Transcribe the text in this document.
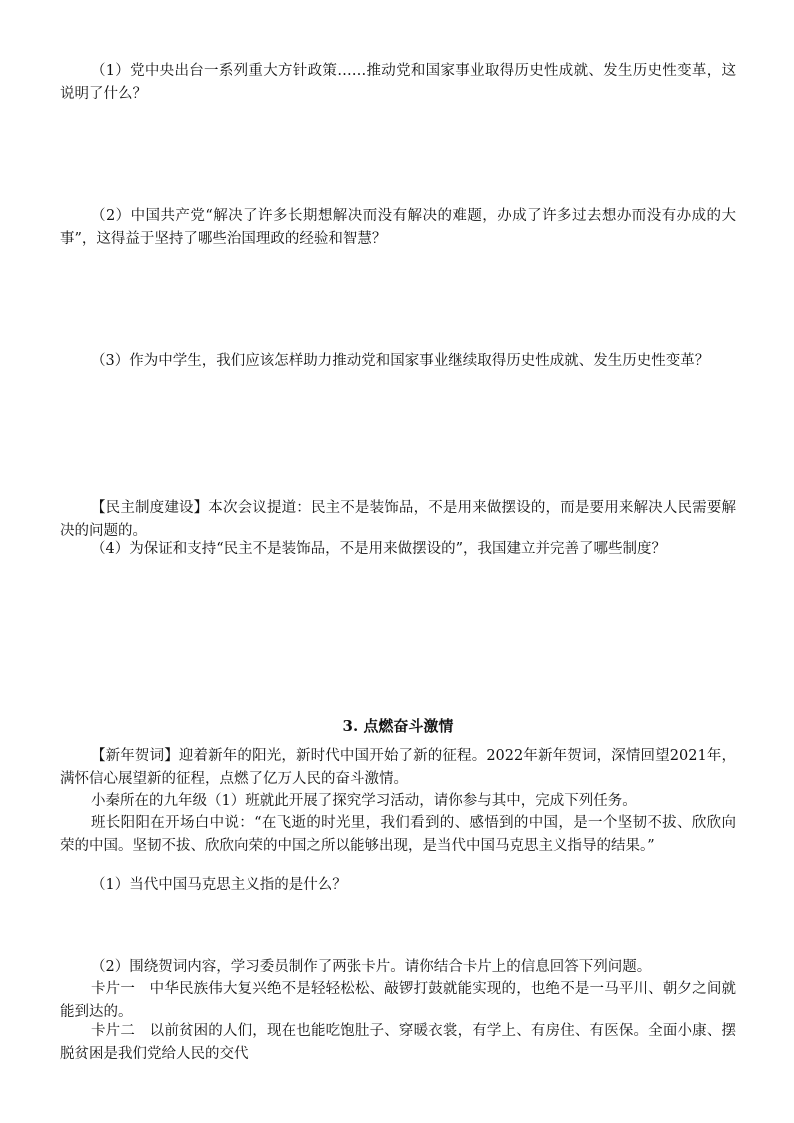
（1）党中央出台一系列重大方针政策……推动党和国家事业取得历史性成就、发生历史性变革，这说明了什么？

（2）中国共产党“解决了许多长期想解决而没有解决的难题，办成了许多过去想办而没有办成的大事”，这得益于坚持了哪些治国理政的经验和智慧？

（3）作为中学生，我们应该怎样助力推动党和国家事业继续取得历史性成就、发生历史性变革？

【民主制度建设】本次会议提道：民主不是装饰品，不是用来做摆设的，而是要用来解决人民需要解决的问题的。

（4）为保证和支持“民主不是装饰品，不是用来做摆设的”，我国建立并完善了哪些制度？

3. 点燃奋斗激情

【新年贺词】迎着新年的阳光，新时代中国开始了新的征程。2022年新年贺词，深情回望2021年，满怀信心展望新的征程，点燃了亿万人民的奋斗激情。

小秦所在的九年级（1）班就此开展了探究学习活动，请你参与其中，完成下列任务。

班长阳阳在开场白中说：“在飞逝的时光里，我们看到的、感悟到的中国，是一个坚韧不拔、欣欣向荣的中国。坚韧不拔、欣欣向荣的中国之所以能够出现，是当代中国马克思主义指导的结果。”

（1）当代中国马克思主义指的是什么？

（2）围绕贺词内容，学习委员制作了两张卡片。请你结合卡片上的信息回答下列问题。

卡片一　中华民族伟大复兴绝不是轻轻松松、敲锣打鼓就能实现的，也绝不是一马平川、朝夕之间就能到达的。

卡片二　以前贫困的人们，现在也能吃饱肚子、穿暖衣裳，有学上、有房住、有医保。全面小康、摆脱贫困是我们党给人民的交代
